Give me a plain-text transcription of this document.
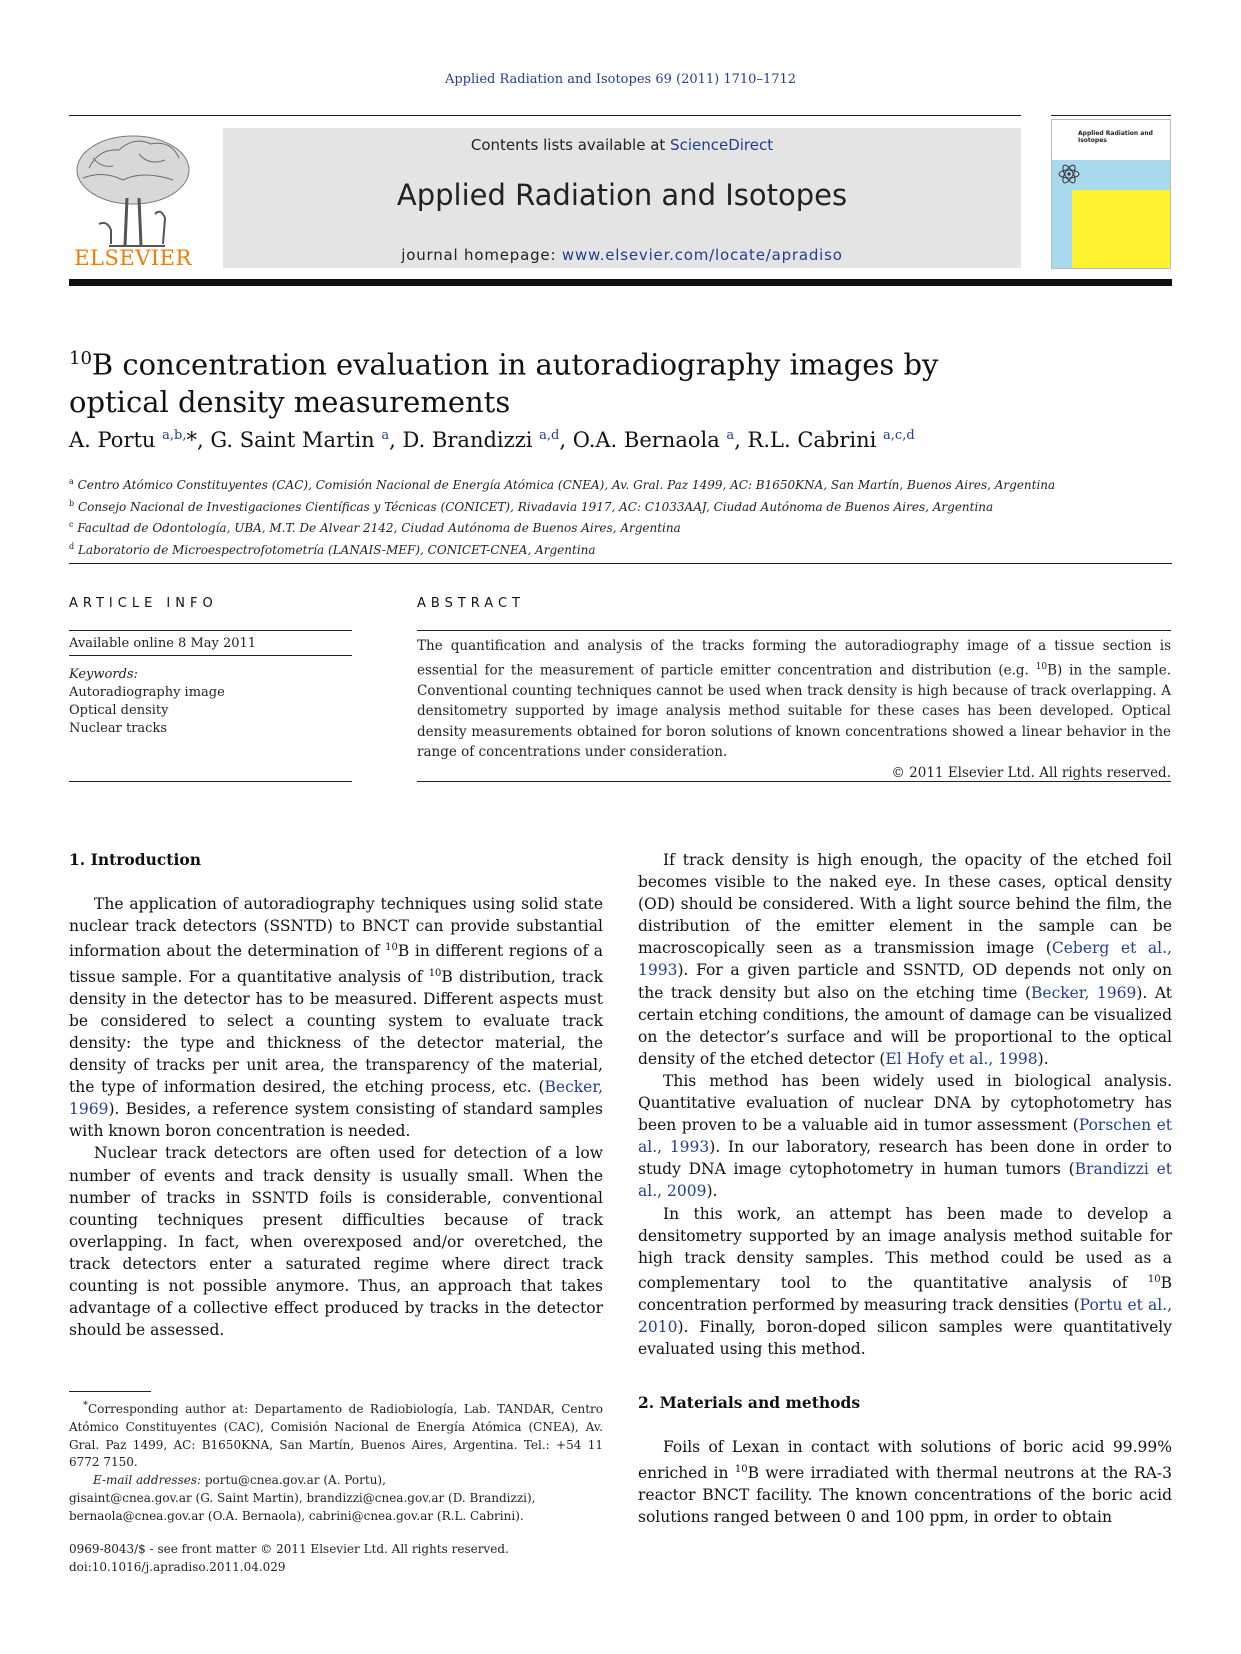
Applied Radiation and Isotopes 69 (2011) 1710–1712
ELSEVIER
Contents lists available at ScienceDirect
Applied Radiation and Isotopes
journal homepage: www.elsevier.com/locate/apradiso
Applied Radiation and Isotopes
$^{10}$B concentration evaluation in autoradiography images by
optical density measurements
A. Portu $^{a,b,}$*, G. Saint Martin $^a$, D. Brandizzi $^{a,d}$, O.A. Bernaola $^a$, R.L. Cabrini $^{a,c,d}$
$^a$ Centro Atómico Constituyentes (CAC), Comisión Nacional de Energía Atómica (CNEA), Av. Gral. Paz 1499, AC: B1650KNA, San Martín, Buenos Aires, Argentina
$^b$ Consejo Nacional de Investigaciones Científicas y Técnicas (CONICET), Rivadavia 1917, AC: C1033AAJ, Ciudad Autónoma de Buenos Aires, Argentina
$^c$ Facultad de Odontología, UBA, M.T. De Alvear 2142, Ciudad Autónoma de Buenos Aires, Argentina
$^d$ Laboratorio de Microespectrofotometría (LANAIS-MEF), CONICET-CNEA, Argentina
ARTICLE INFO
Available online 8 May 2011
Keywords:
Autoradiography image
Optical density
Nuclear tracks
ABSTRACT
The quantification and analysis of the tracks forming the autoradiography image of a tissue section is essential for the measurement of particle emitter concentration and distribution (e.g. $^{10}$B) in the sample. Conventional counting techniques cannot be used when track density is high because of track overlapping. A densitometry supported by image analysis method suitable for these cases has been developed. Optical density measurements obtained for boron solutions of known concentrations showed a linear behavior in the range of concentrations under consideration.
© 2011 Elsevier Ltd. All rights reserved.
1. Introduction

The application of autoradiography techniques using solid state nuclear track detectors (SSNTD) to BNCT can provide substantial information about the determination of $^{10}$B in different regions of a tissue sample. For a quantitative analysis of $^{10}$B distribution, track density in the detector has to be measured. Different aspects must be considered to select a counting system to evaluate track density: the type and thickness of the detector material, the density of tracks per unit area, the transparency of the material, the type of information desired, the etching process, etc. (Becker, 1969). Besides, a reference system consisting of standard samples with known boron concentration is needed.

Nuclear track detectors are often used for detection of a low number of events and track density is usually small. When the number of tracks in SSNTD foils is considerable, conventional counting techniques present difficulties because of track overlapping. In fact, when overexposed and/or overetched, the track detectors enter a saturated regime where direct track counting is not possible anymore. Thus, an approach that takes advantage of a collective effect produced by tracks in the detector should be assessed.

If track density is high enough, the opacity of the etched foil becomes visible to the naked eye. In these cases, optical density (OD) should be considered. With a light source behind the film, the distribution of the emitter element in the sample can be macroscopically seen as a transmission image (Ceberg et al., 1993). For a given particle and SSNTD, OD depends not only on the track density but also on the etching time (Becker, 1969). At certain etching conditions, the amount of damage can be visualized on the detector’s surface and will be proportional to the optical density of the etched detector (El Hofy et al., 1998).

This method has been widely used in biological analysis. Quantitative evaluation of nuclear DNA by cytophotometry has been proven to be a valuable aid in tumor assessment (Porschen et al., 1993). In our laboratory, research has been done in order to study DNA image cytophotometry in human tumors (Brandizzi et al., 2009).

In this work, an attempt has been made to develop a densitometry supported by an image analysis method suitable for high track density samples. This method could be used as a complementary tool to the quantitative analysis of $^{10}$B concentration performed by measuring track densities (Portu et al., 2010). Finally, boron-doped silicon samples were quantitatively evaluated using this method.

2. Materials and methods

Foils of Lexan in contact with solutions of boric acid 99.99% enriched in $^{10}$B were irradiated with thermal neutrons at the RA-3 reactor BNCT facility. The known concentrations of the boric acid solutions ranged between 0 and 100 ppm, in order to obtain

*Corresponding author at: Departamento de Radiobiología, Lab. TANDAR, Centro Atómico Constituyentes (CAC), Comisión Nacional de Energía Atómica (CNEA), Av. Gral. Paz 1499, AC: B1650KNA, San Martín, Buenos Aires, Argentina. Tel.: +54 11 6772 7150.
E-mail addresses: portu@cnea.gov.ar (A. Portu),
gisaint@cnea.gov.ar (G. Saint Martin), brandizzi@cnea.gov.ar (D. Brandizzi),
bernaola@cnea.gov.ar (O.A. Bernaola), cabrini@cnea.gov.ar (R.L. Cabrini).
0969-8043/$ - see front matter © 2011 Elsevier Ltd. All rights reserved.
doi:10.1016/j.apradiso.2011.04.029
